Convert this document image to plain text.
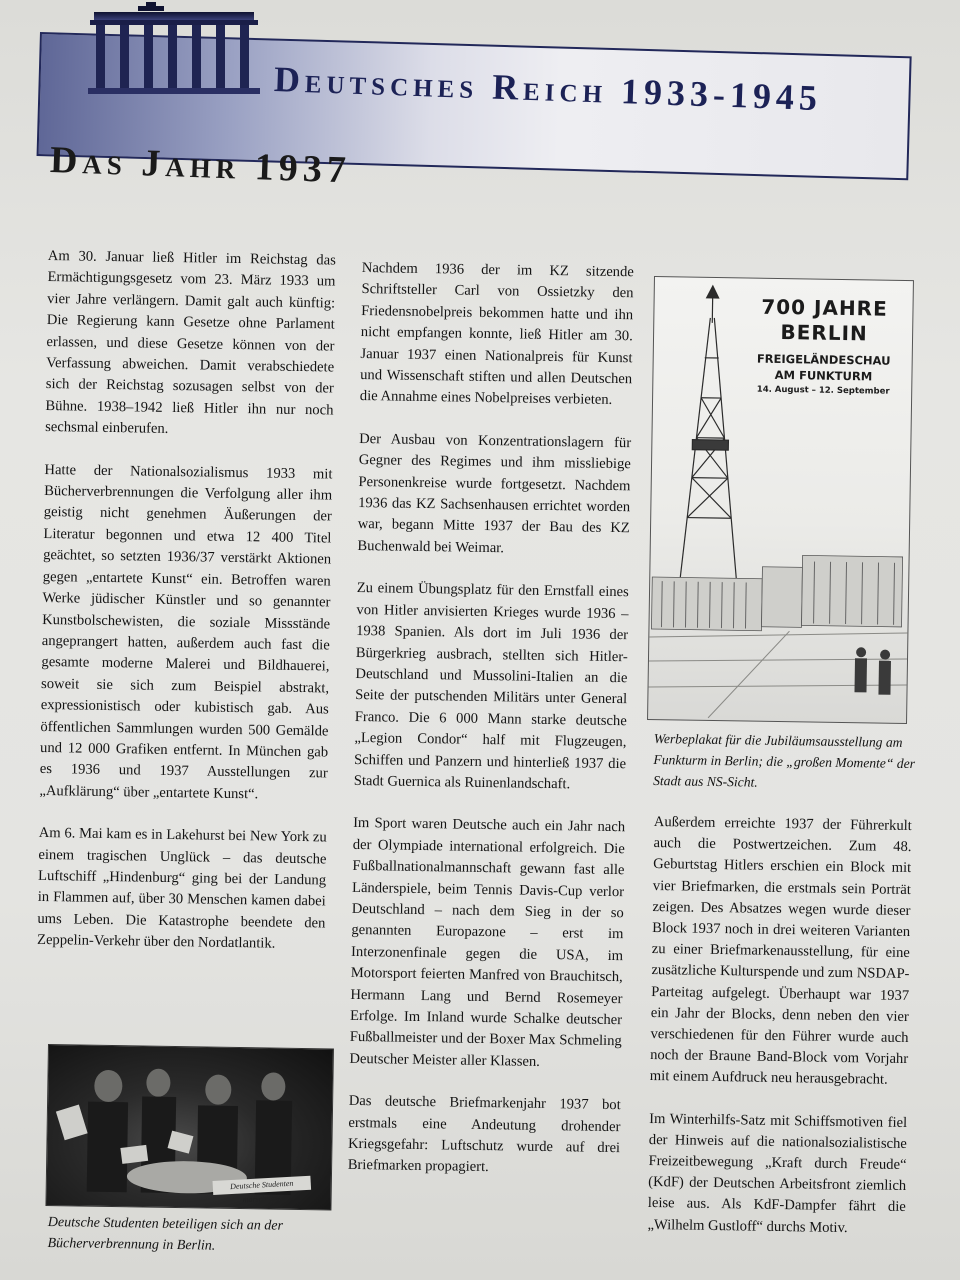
Deutsches Reich 1933-1945
Das Jahr 1937

Am 30. Januar ließ Hitler im Reichstag das Ermächtigungsgesetz vom 23. März 1933 um vier Jahre verlängern. Damit galt auch künftig: Die Regierung kann Gesetze ohne Parlament erlassen, und diese Gesetze können von der Verfassung abweichen. Damit verabschiedete sich der Reichstag sozusagen selbst von der Bühne. 1938–1942 ließ Hitler ihn nur noch sechsmal einberufen.

Hatte der Nationalsozialismus 1933 mit Bücherverbrennungen die Verfolgung aller ihm geistig nicht genehmen Äußerungen der Literatur begonnen und etwa 12 400 Titel geächtet, so setzten 1936/37 verstärkt Aktionen gegen „entartete Kunst“ ein. Betroffen waren Werke jüdischer Künstler und so genannter Kunstbolschewisten, die soziale Missstände angeprangert hatten, außerdem auch fast die gesamte moderne Malerei und Bildhauerei, soweit sie sich zum Beispiel abstrakt, expressionistisch oder kubistisch gab. Aus öffentlichen Sammlungen wurden 500 Gemälde und 12 000 Grafiken entfernt. In München gab es 1936 und 1937 Ausstellungen zur „Aufklärung“ über „entartete Kunst“.

Am 6. Mai kam es in Lakehurst bei New York zu einem tragischen Unglück – das deutsche Luftschiff „Hindenburg“ ging bei der Landung in Flammen auf, über 30 Menschen kamen dabei ums Leben. Die Katastrophe beendete den Zeppelin-Verkehr über den Nordatlantik.

Nachdem 1936 der im KZ sitzende Schriftsteller Carl von Ossietzky den Friedensnobelpreis bekommen hatte und ihn nicht empfangen konnte, ließ Hitler am 30. Januar 1937 einen Nationalpreis für Kunst und Wissenschaft stiften und allen Deutschen die Annahme eines Nobelpreises verbieten.

Der Ausbau von Konzentrationslagern für Gegner des Regimes und ihm missliebige Personenkreise wurde fortgesetzt. Nachdem 1936 das KZ Sachsenhausen errichtet worden war, begann Mitte 1937 der Bau des KZ Buchenwald bei Weimar.

Zu einem Übungsplatz für den Ernstfall eines von Hitler anvisierten Krieges wurde 1936 – 1938 Spanien. Als dort im Juli 1936 der Bürgerkrieg ausbrach, stellten sich Hitler-Deutschland und Mussolini-Italien an die Seite der putschenden Militärs unter General Franco. Die 6 000 Mann starke deutsche „Legion Condor“ half mit Flugzeugen, Schiffen und Panzern und hinterließ 1937 die Stadt Guernica als Ruinenlandschaft.

Im Sport waren Deutsche auch ein Jahr nach der Olympiade international erfolgreich. Die Fußballnationalmannschaft gewann fast alle Länderspiele, beim Tennis Davis-Cup verlor Deutschland – nach dem Sieg in der so genannten Europazone – erst im Interzonenfinale gegen die USA, im Motorsport feierten Manfred von Brauchitsch, Hermann Lang und Bernd Rosemeyer Erfolge. Im Inland wurde Schalke deutscher Fußballmeister und der Boxer Max Schmeling Deutscher Meister aller Klassen.

Das deutsche Briefmarkenjahr 1937 bot erstmals eine Andeutung drohender Kriegsgefahr: Luftschutz wurde auf drei Briefmarken propagiert.

700 JAHRE
BERLIN
FREIGELÄNDESCHAU
AM FUNKTURM
14. August – 12. September
Werbeplakat für die Jubiläumsausstellung am Funkturm in Berlin; die „großen Momente“ der Stadt aus NS-Sicht.

Außerdem erreichte 1937 der Führerkult auch die Postwertzeichen. Zum 48. Geburtstag Hitlers erschien ein Block mit vier Briefmarken, die erstmals sein Porträt zeigen. Des Absatzes wegen wurde dieser Block 1937 noch in drei weiteren Varianten zu einer Briefmarkenausstellung, für eine zusätzliche Kulturspende und zum NSDAP-Parteitag aufgelegt. Überhaupt war 1937 ein Jahr der Blocks, denn neben den vier verschiedenen für den Führer wurde auch noch der Braune Band-Block vom Vorjahr mit einem Aufdruck neu herausgebracht.

Im Winterhilfs-Satz mit Schiffsmotiven fiel der Hinweis auf die nationalsozialistische Freizeitbewegung „Kraft durch Freude“ (KdF) der Deutschen Arbeitsfront ziemlich leise aus. Als KdF-Dampfer fährt die „Wilhelm Gustloff“ durchs Motiv.

Deutsche Studenten marschieren
Deutsche Studenten beteiligen sich an der Bücherverbrennung in Berlin.
